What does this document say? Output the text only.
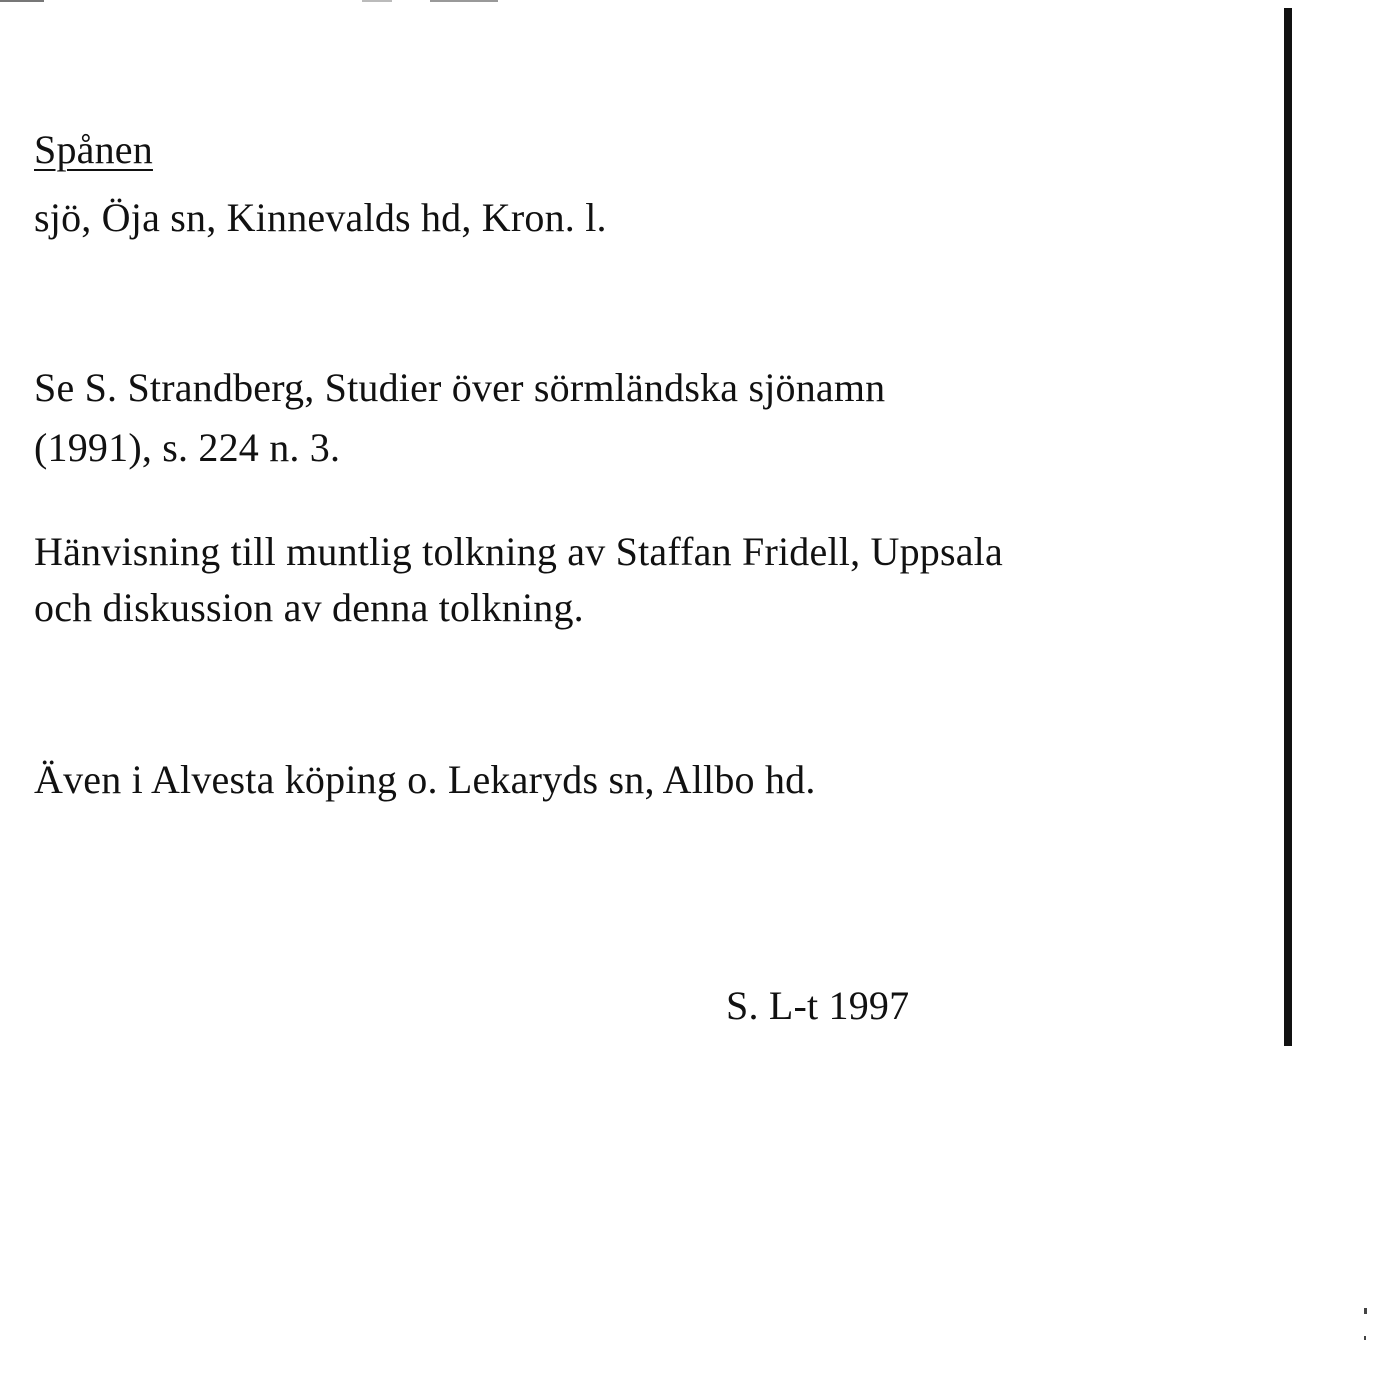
Spånen
sjö, Öja sn, Kinnevalds hd, Kron. l.
Se S. Strandberg, Studier över sörmländska sjönamn
(1991), s. 224 n. 3.
Hänvisning till muntlig tolkning av Staffan Fridell, Uppsala
och diskussion av denna tolkning.
Även i Alvesta köping o. Lekaryds sn, Allbo hd.
S. L-t 1997
